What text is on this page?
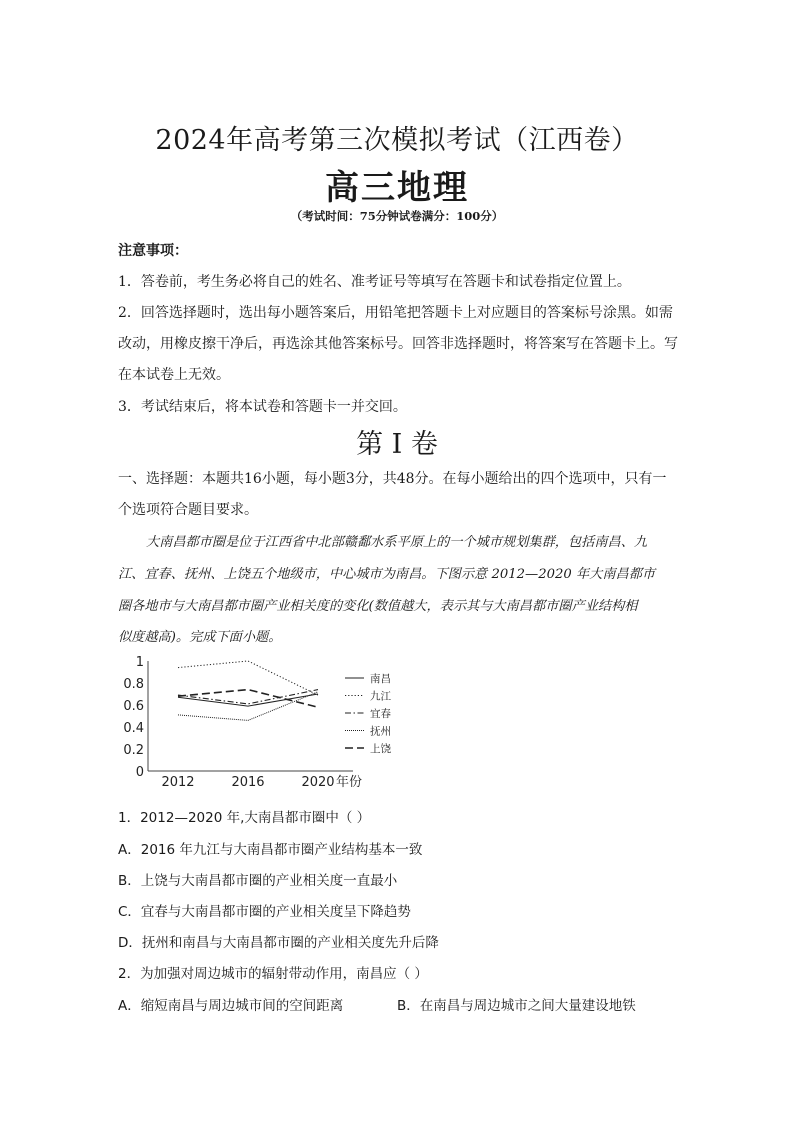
2024年高考第三次模拟考试（江西卷）
高三地理
（考试时间：75分钟试卷满分：100分）
注意事项：
1．答卷前，考生务必将自己的姓名、准考证号等填写在答题卡和试卷指定位置上。
2．回答选择题时，选出每小题答案后，用铅笔把答题卡上对应题目的答案标号涂黑。如需
改动，用橡皮擦干净后，再选涂其他答案标号。回答非选择题时，将答案写在答题卡上。写
在本试卷上无效。
3．考试结束后，将本试卷和答题卡一并交回。
第 I 卷
一、选择题：本题共16小题，每小题3分，共48分。在每小题给出的四个选项中，只有一
个选项符合题目要求。
大南昌都市圈是位于江西省中北部赣鄱水系平原上的一个城市规划集群，包括南昌、九
江、宜春、抚州、上饶五个地级市，中心城市为南昌。下图示意 2012—2020 年大南昌都市
圈各地市与大南昌都市圈产业相关度的变化(数值越大，表示其与大南昌都市圈产业结构相
似度越高)。完成下面小题。
0
0.2
0.4
0.6
0.8
1
2012	2016	2020 年份
南昌
九江
宜春
抚州
上饶
1．2012—2020 年,大南昌都市圈中（ ）
A．2016 年九江与大南昌都市圈产业结构基本一致
B．上饶与大南昌都市圈的产业相关度一直最小
C．宜春与大南昌都市圈的产业相关度呈下降趋势
D．抚州和南昌与大南昌都市圈的产业相关度先升后降
2．为加强对周边城市的辐射带动作用，南昌应（ ）
A．缩短南昌与周边城市间的空间距离	B．在南昌与周边城市之间大量建设地铁
